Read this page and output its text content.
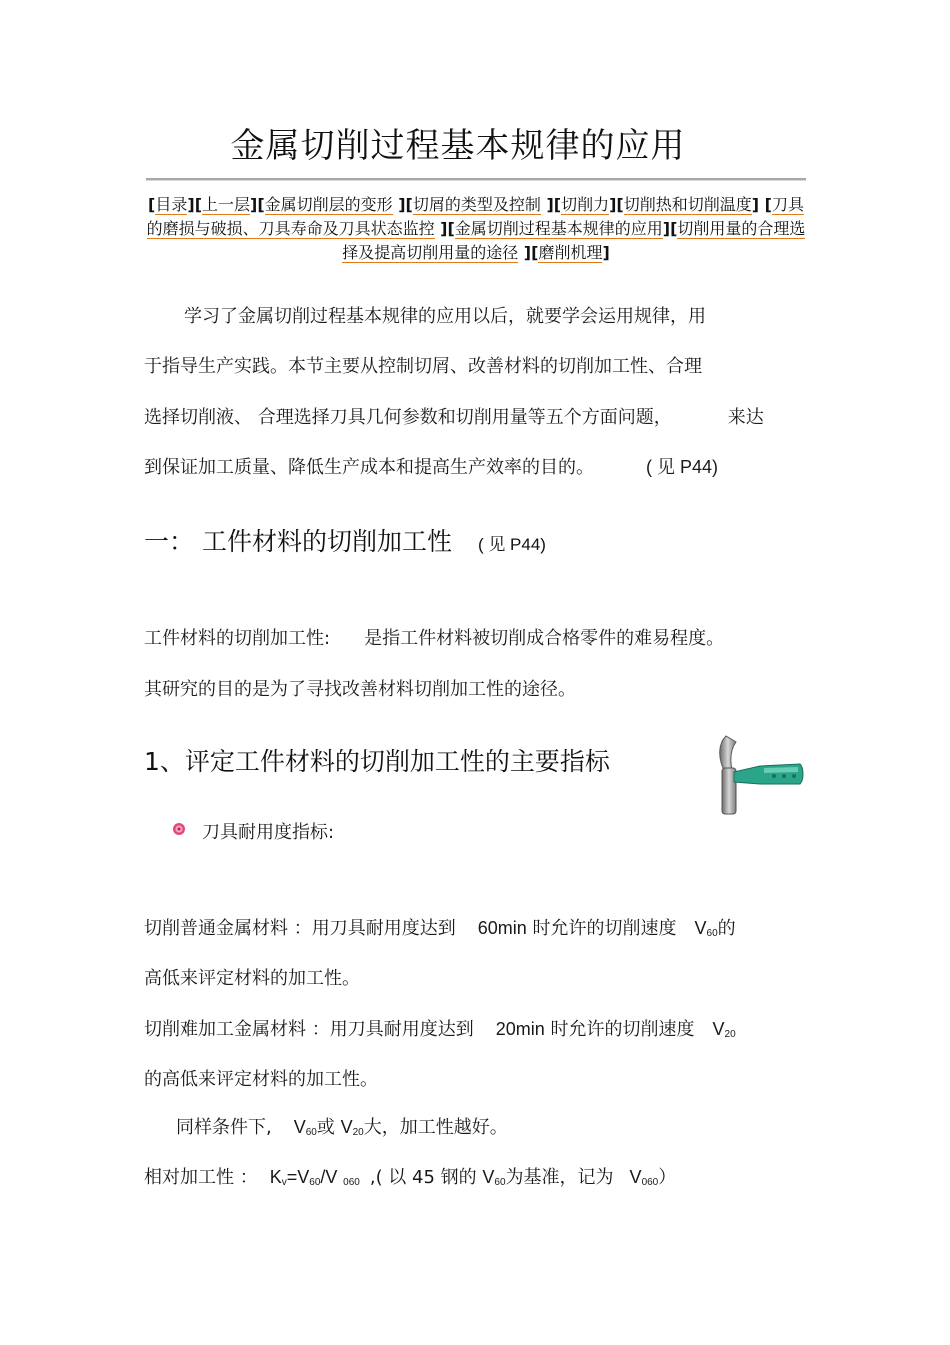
金属切削过程基本规律的应用
[目录][上一层][金属切削层的变形 ][切屑的类型及控制 ][切削力][切削热和切削温度] [刀具的磨损与破损、刀具寿命及刀具状态监控 ][金属切削过程基本规律的应用][切削用量的合理选择及提高切削用量的途径 ][磨削机理]
学习了金属切削过程基本规律的应用以后，就要学会运用规律，用
于指导生产实践。本节主要从控制切屑、改善材料的切削加工性、合理
选择切削液、 合理选择刀具几何参数和切削用量等五个方面问题，	来达
到保证加工质量、降低生产成本和提高生产效率的目的。	( 见 P44)
一： 工件材料的切削加工性 ( 见 P44)
工件材料的切削加工性: 是指工件材料被切削成合格零件的难易程度。
其研究的目的是为了寻找改善材料切削加工性的途径。
1、评定工件材料的切削加工性的主要指标
刀具耐用度指标:
切削普通金属材料 ：用刀具耐用度达到 60min 时允许的切削速度 V60的
高低来评定材料的加工性。
切削难加工金属材料 ：用刀具耐用度达到 20min 时允许的切削速度 V20
的高低来评定材料的加工性。
同样条件下, V60或 V20大，加工性越好。
相对加工性 ： Kv=V60/V 060 ,( 以 45 钢的 V60为基准，记为 V060）
